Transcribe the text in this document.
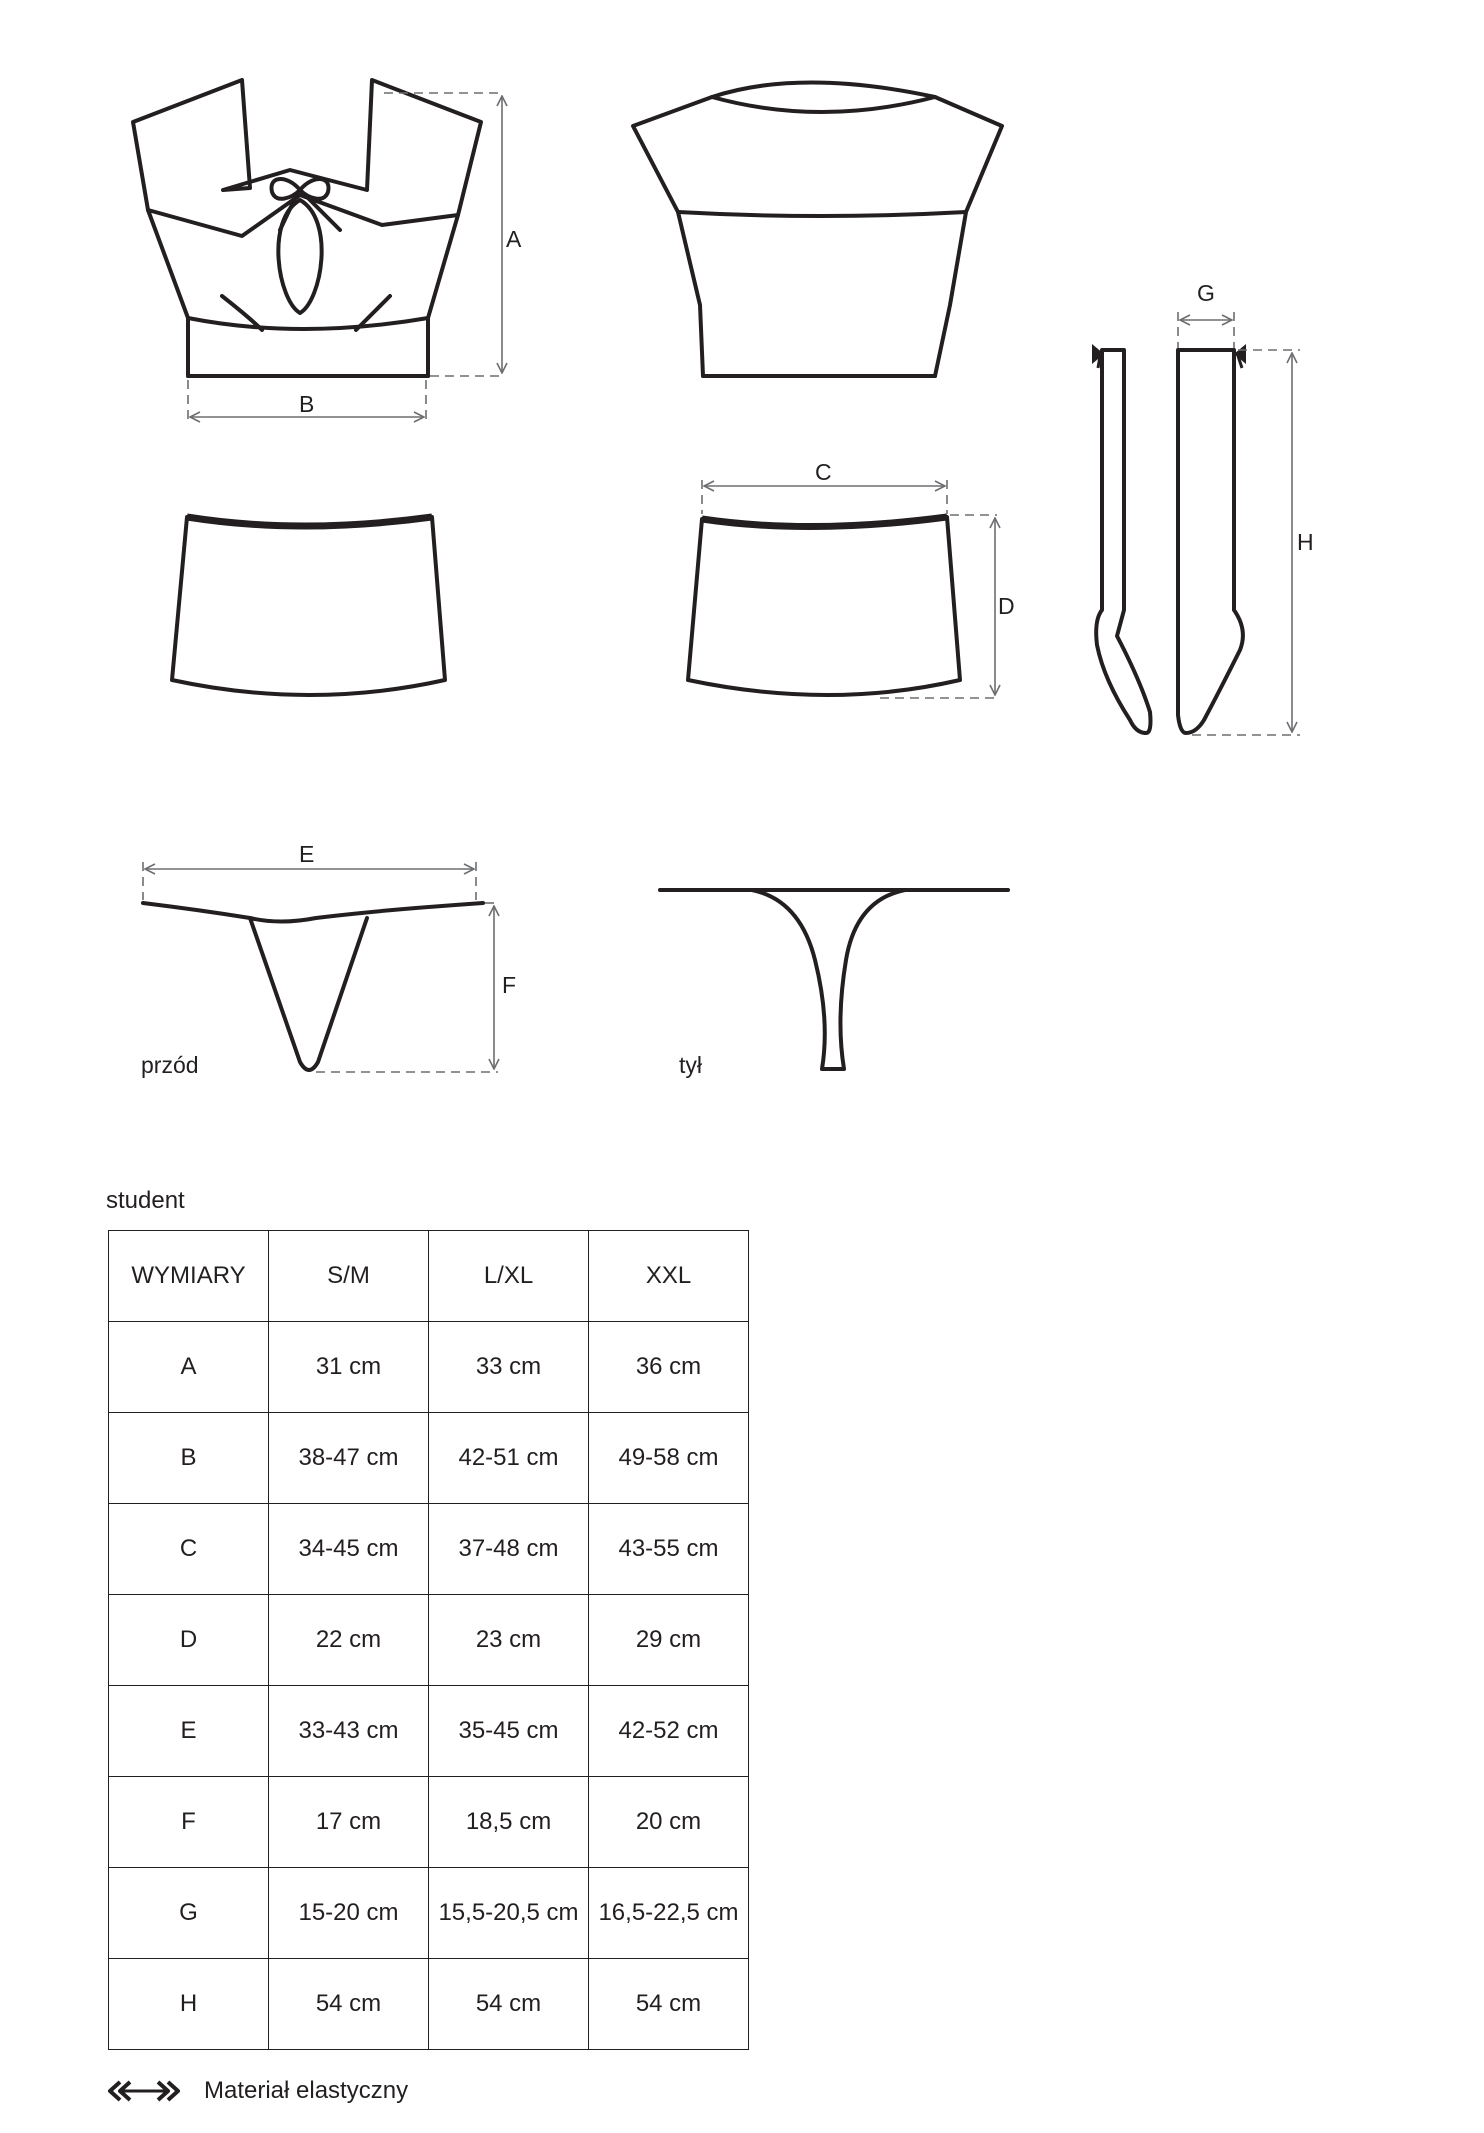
A
B
C
D
G
H
E
F
przód	tył
student
WYMIARY	S/M	L/XL	XXL
A	31 cm	33 cm	36 cm
B	38-47 cm	42-51 cm	49-58 cm
C	34-45 cm	37-48 cm	43-55 cm
D	22 cm	23 cm	29 cm
E	33-43 cm	35-45 cm	42-52 cm
F	17 cm	18,5 cm	20 cm
G	15-20 cm	15,5-20,5 cm	16,5-22,5 cm
H	54 cm	54 cm	54 cm
Materiał elastyczny
